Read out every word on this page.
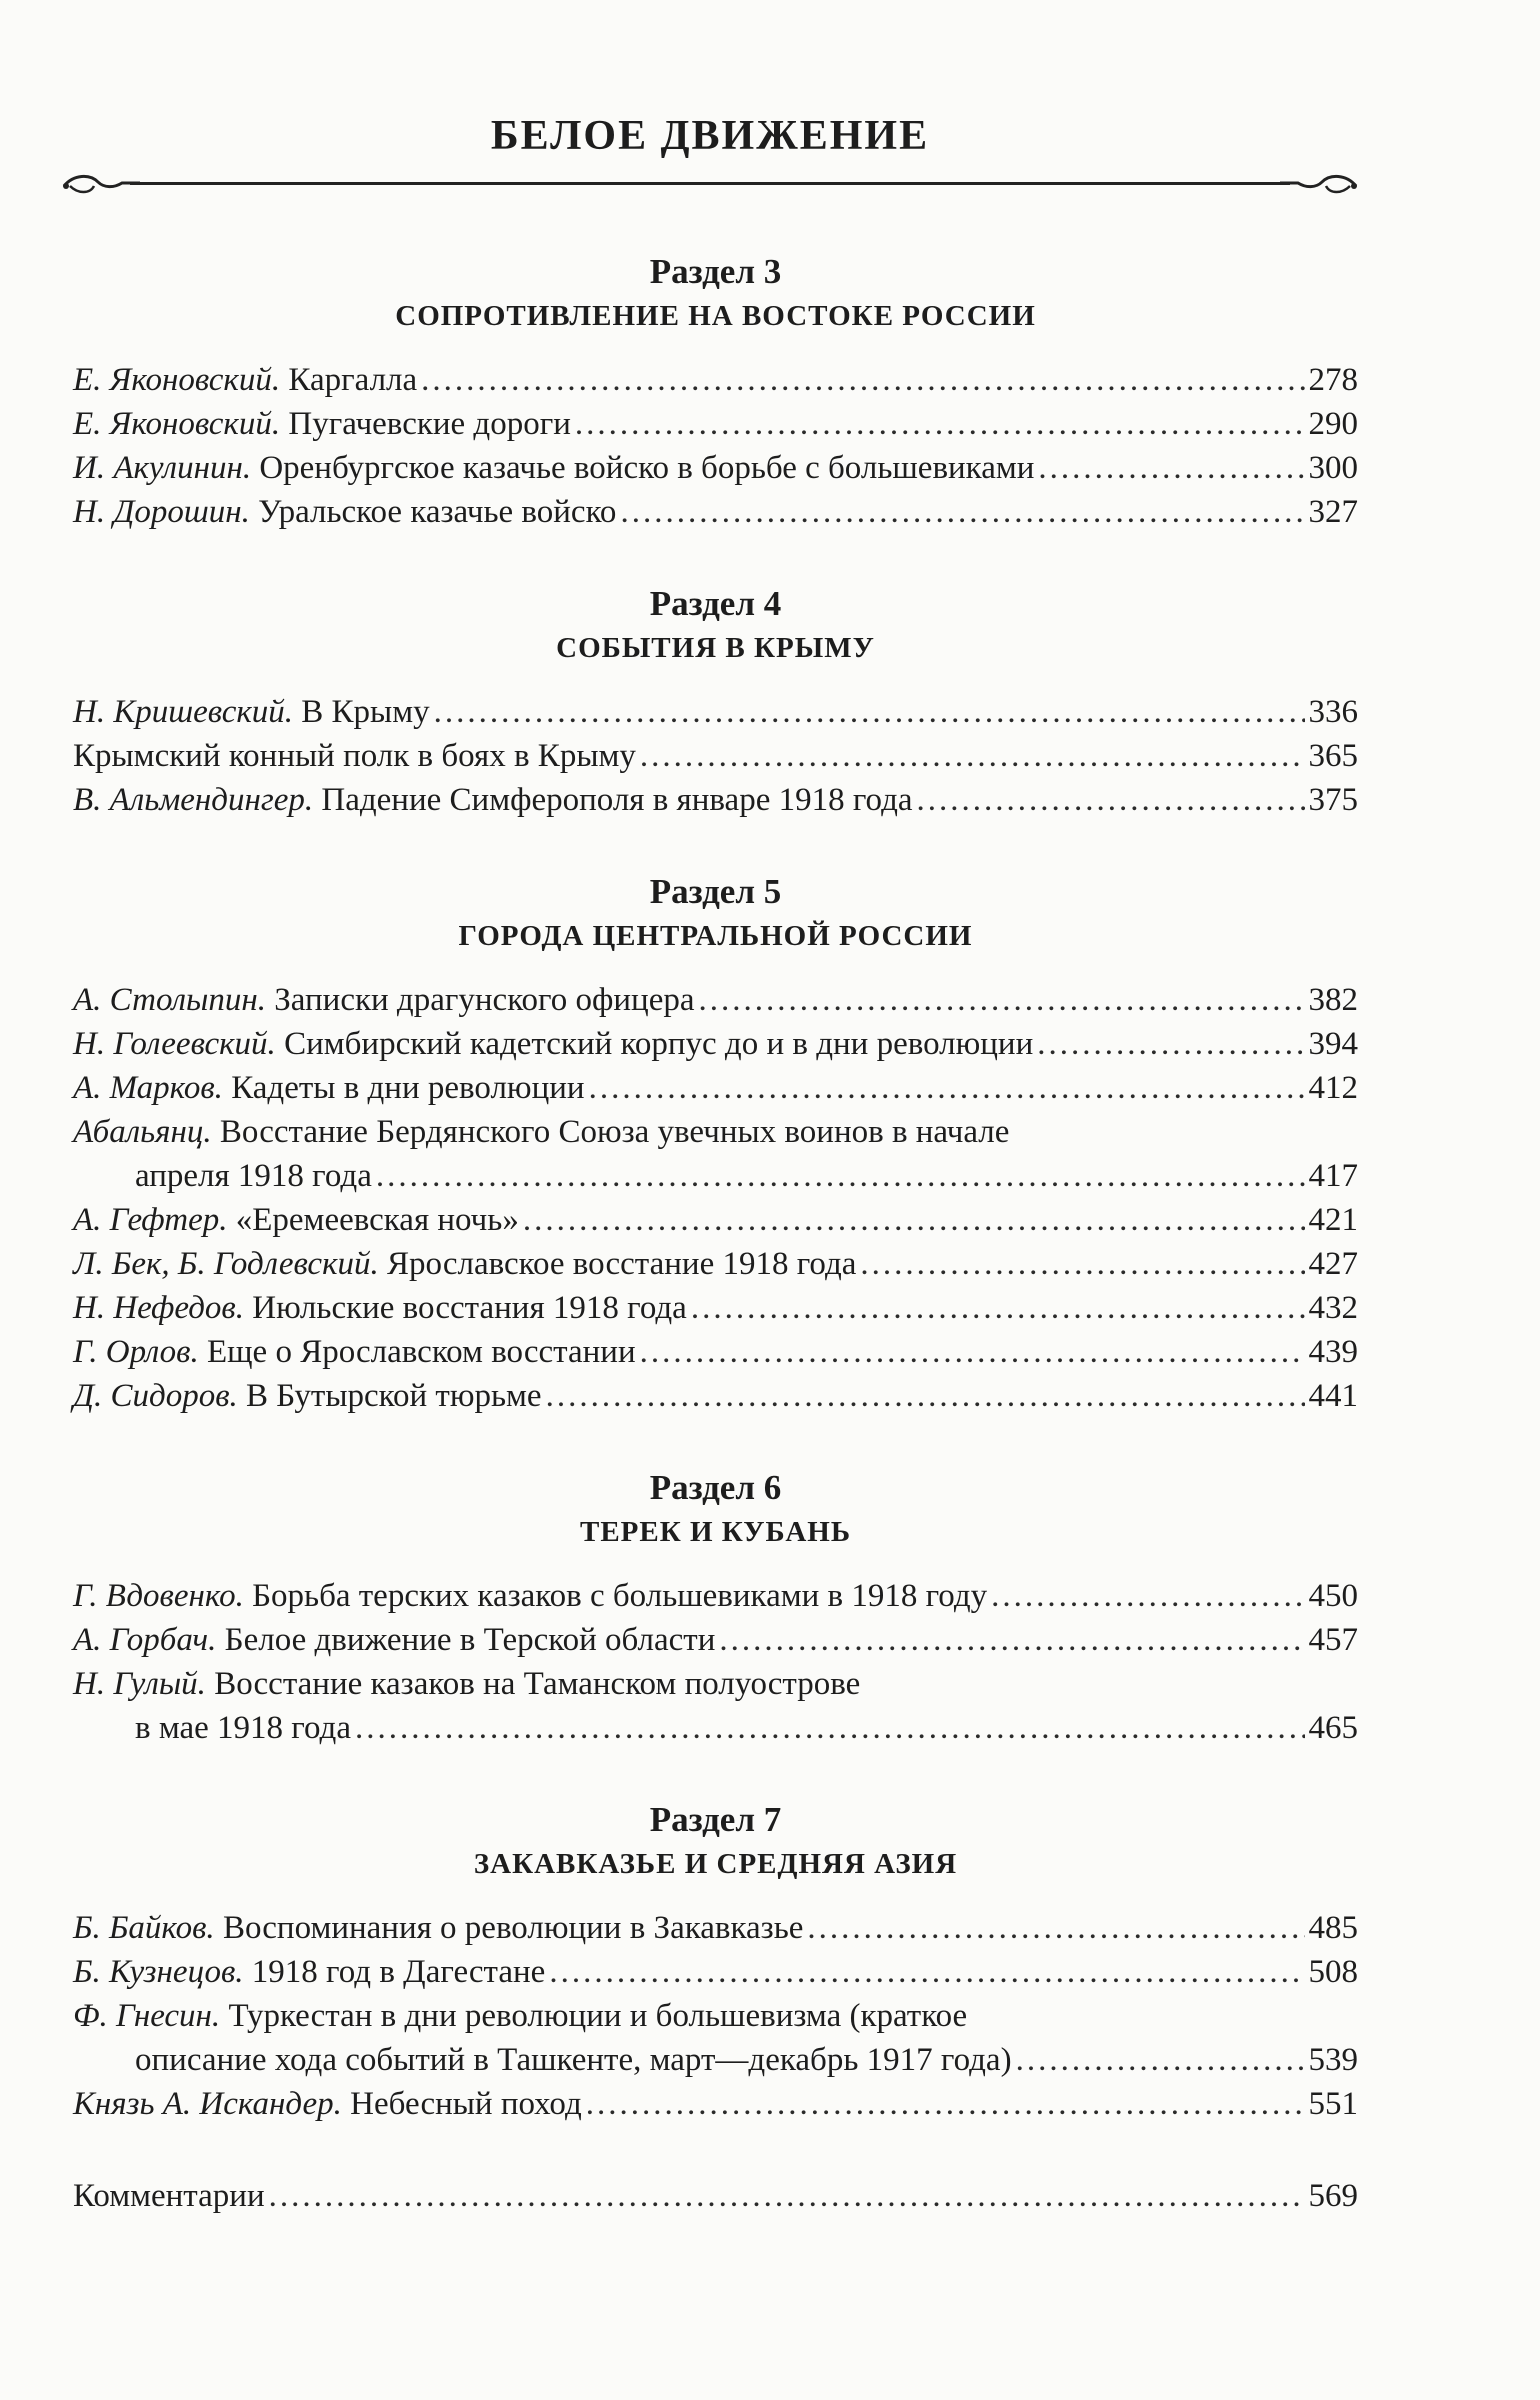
БЕЛОЕ ДВИЖЕНИЕ
Раздел 3
СОПРОТИВЛЕНИЕ НА ВОСТОКЕ РОССИИ
Е. Яконовский. Каргалла .....	278
Е. Яконовский. Пугачевские дороги .....	290
И. Акулинин. Оренбургское казачье войско в борьбе с большевиками .....	300
Н. Дорошин. Уральское казачье войско .....	327
Раздел 4
СОБЫТИЯ В КРЫМУ
Н. Кришевский. В Крыму .....	336
Крымский конный полк в боях в Крыму .....	365
В. Альмендингер. Падение Симферополя в январе 1918 года .....	375
Раздел 5
ГОРОДА ЦЕНТРАЛЬНОЙ РОССИИ
А. Столыпин. Записки драгунского офицера .....	382
Н. Голеевский. Симбирский кадетский корпус до и в дни революции .....	394
А. Марков. Кадеты в дни революции .....	412
Абальянц. Восстание Бердянского Союза увечных воинов в начале
апреля 1918 года .....	417
А. Гефтер. «Еремеевская ночь» .....	421
Л. Бек, Б. Годлевский. Ярославское восстание 1918 года .....	427
Н. Нефедов. Июльские восстания 1918 года .....	432
Г. Орлов. Еще о Ярославском восстании .....	439
Д. Сидоров. В Бутырской тюрьме .....	441
Раздел 6
ТЕРЕК И КУБАНЬ
Г. Вдовенко. Борьба терских казаков с большевиками в 1918 году .....	450
А. Горбач. Белое движение в Терской области .....	457
Н. Гулый. Восстание казаков на Таманском полуострове
в мае 1918 года .....	465
Раздел 7
ЗАКАВКАЗЬЕ И СРЕДНЯЯ АЗИЯ
Б. Байков. Воспоминания о революции в Закавказье .....	485
Б. Кузнецов. 1918 год в Дагестане .....	508
Ф. Гнесин. Туркестан в дни революции и большевизма (краткое
описание хода событий в Ташкенте, март—декабрь 1917 года) .....	539
Князь А. Искандер. Небесный поход .....	551
Комментарии .....	569
